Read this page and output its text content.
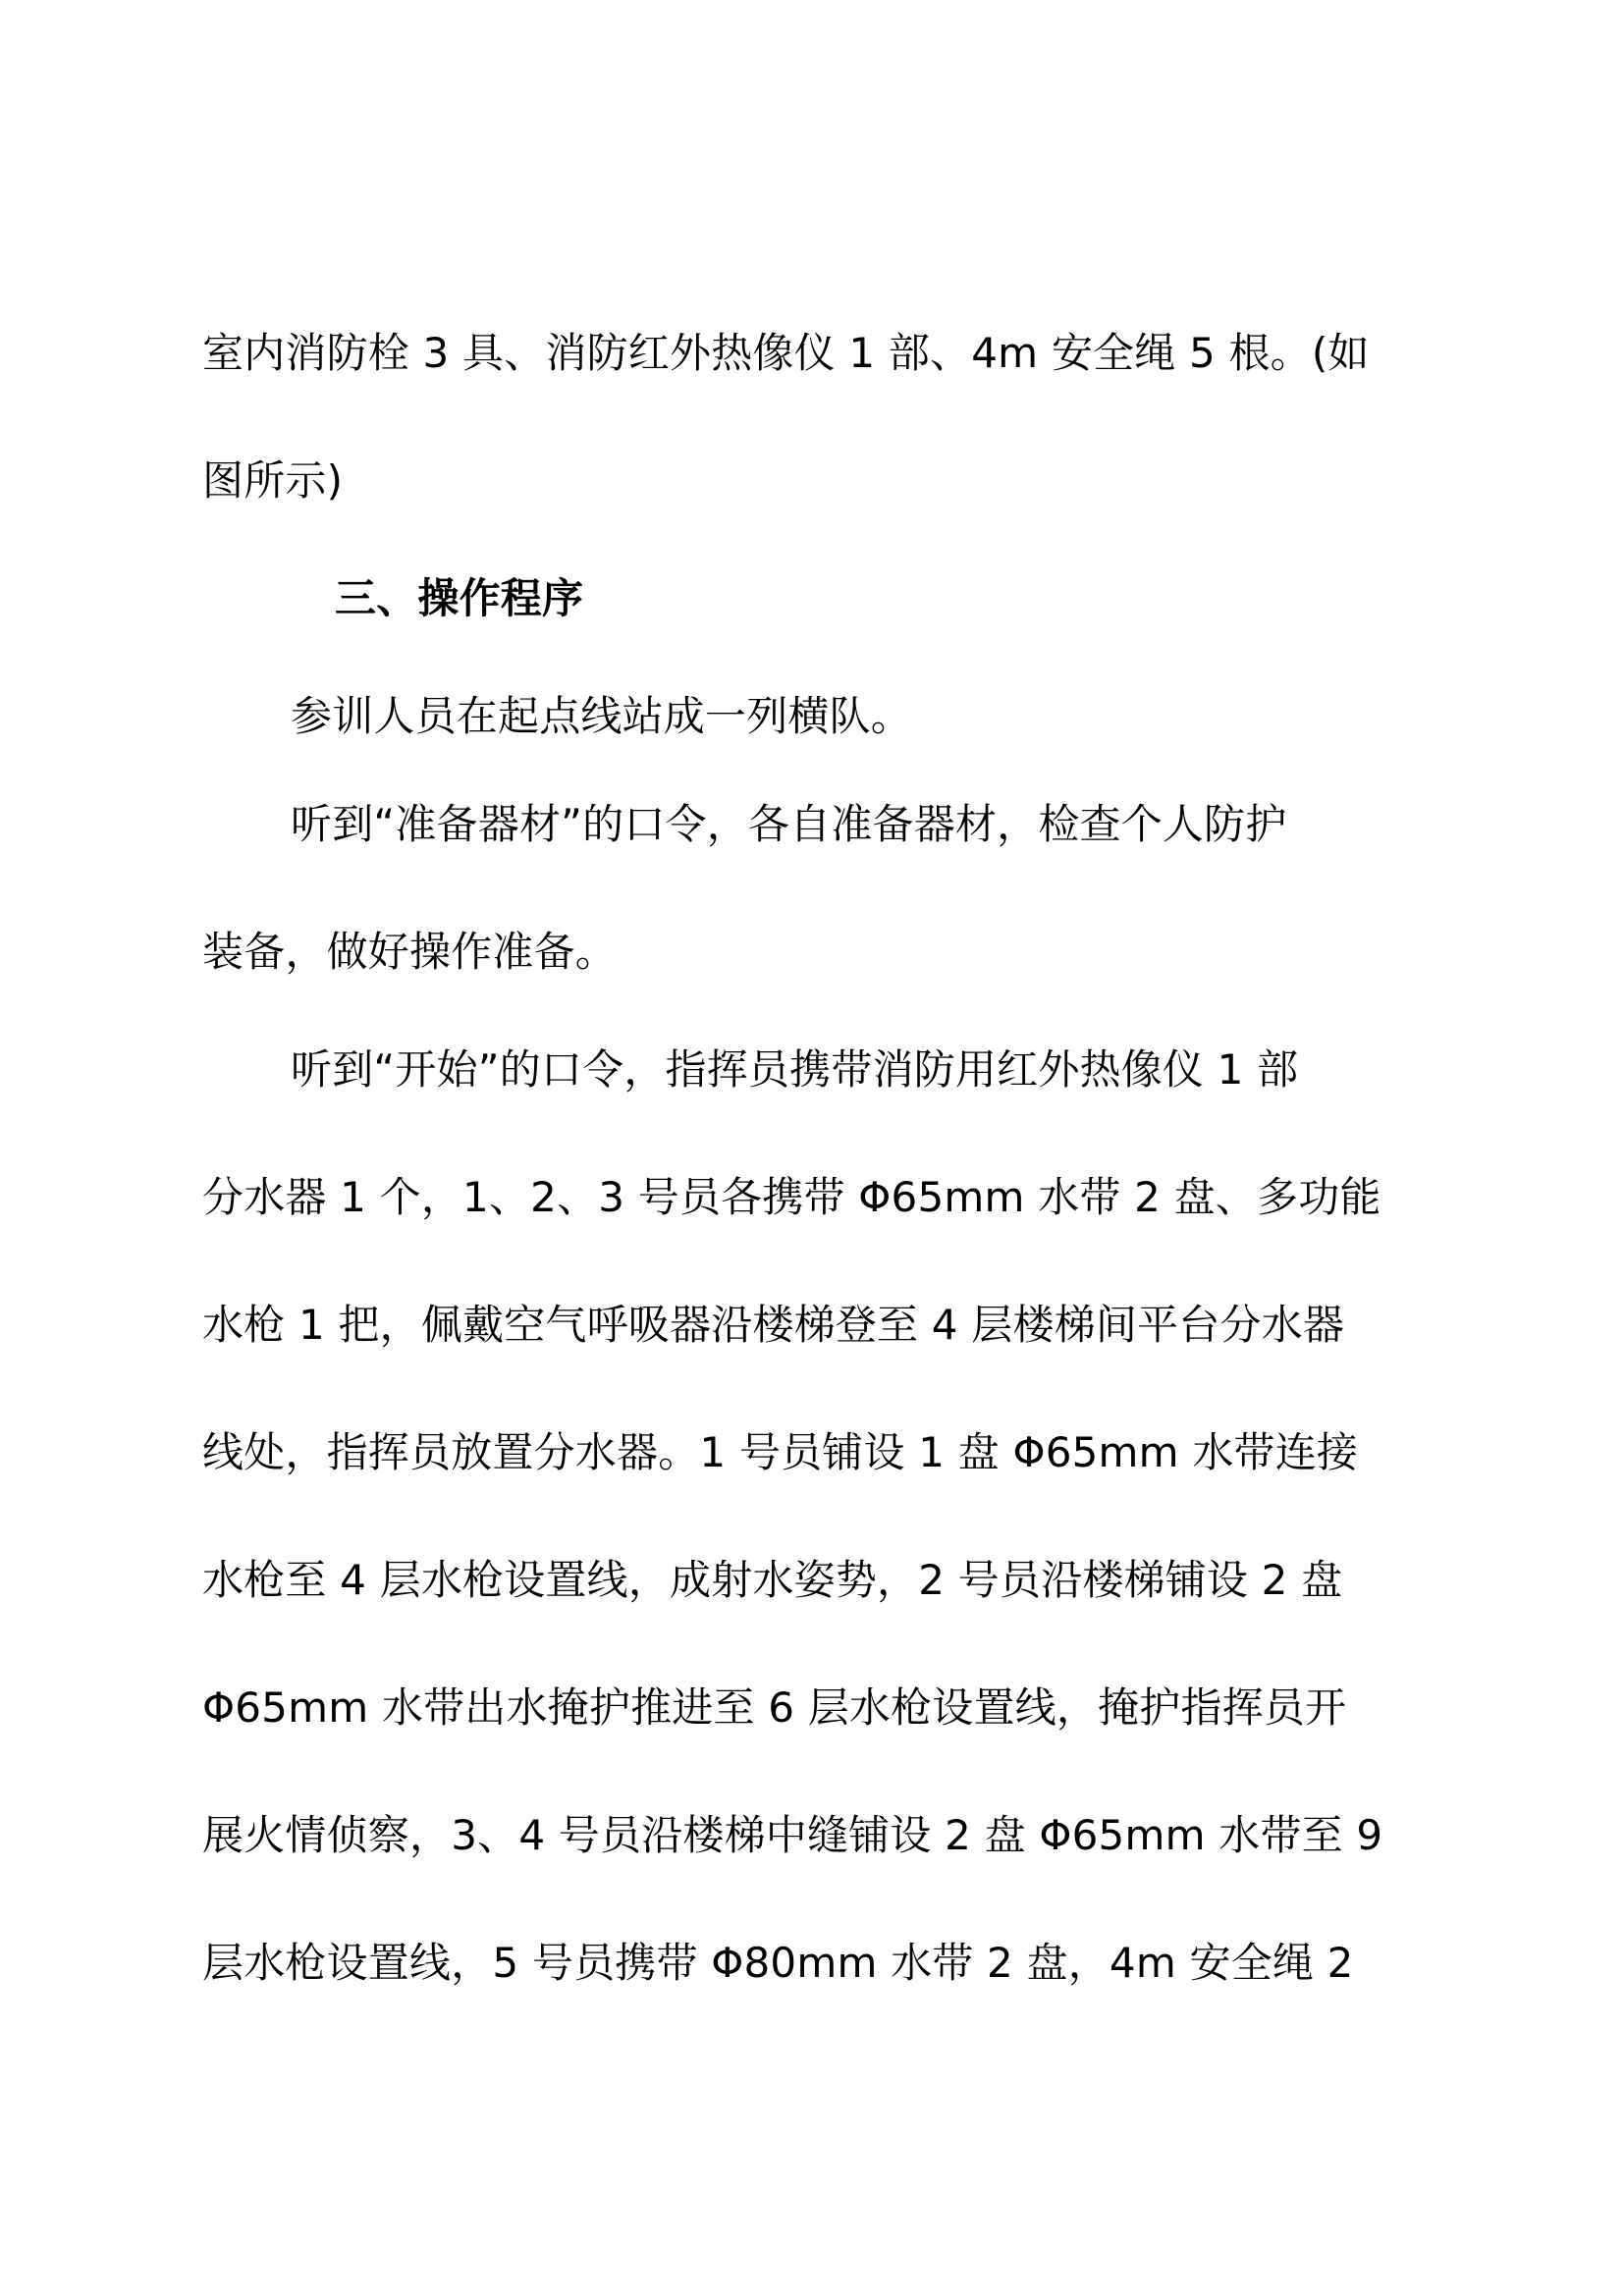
室内消防栓 3 具、消防红外热像仪 1 部、4m 安全绳 5 根。(如
图所示)
三、操作程序
参训人员在起点线站成一列横队。
听到“准备器材”的口令，各自准备器材，检查个人防护
装备，做好操作准备。
听到“开始”的口令，指挥员携带消防用红外热像仪 1 部
分水器 1 个，1、2、3 号员各携带 Φ65mm 水带 2 盘、多功能
水枪 1 把，佩戴空气呼吸器沿楼梯登至 4 层楼梯间平台分水器
线处，指挥员放置分水器。1 号员铺设 1 盘 Φ65mm 水带连接
水枪至 4 层水枪设置线，成射水姿势，2 号员沿楼梯铺设 2 盘
Φ65mm 水带出水掩护推进至 6 层水枪设置线，掩护指挥员开
展火情侦察，3、4 号员沿楼梯中缝铺设 2 盘 Φ65mm 水带至 9
层水枪设置线，5 号员携带 Φ80mm 水带 2 盘，4m 安全绳 2
